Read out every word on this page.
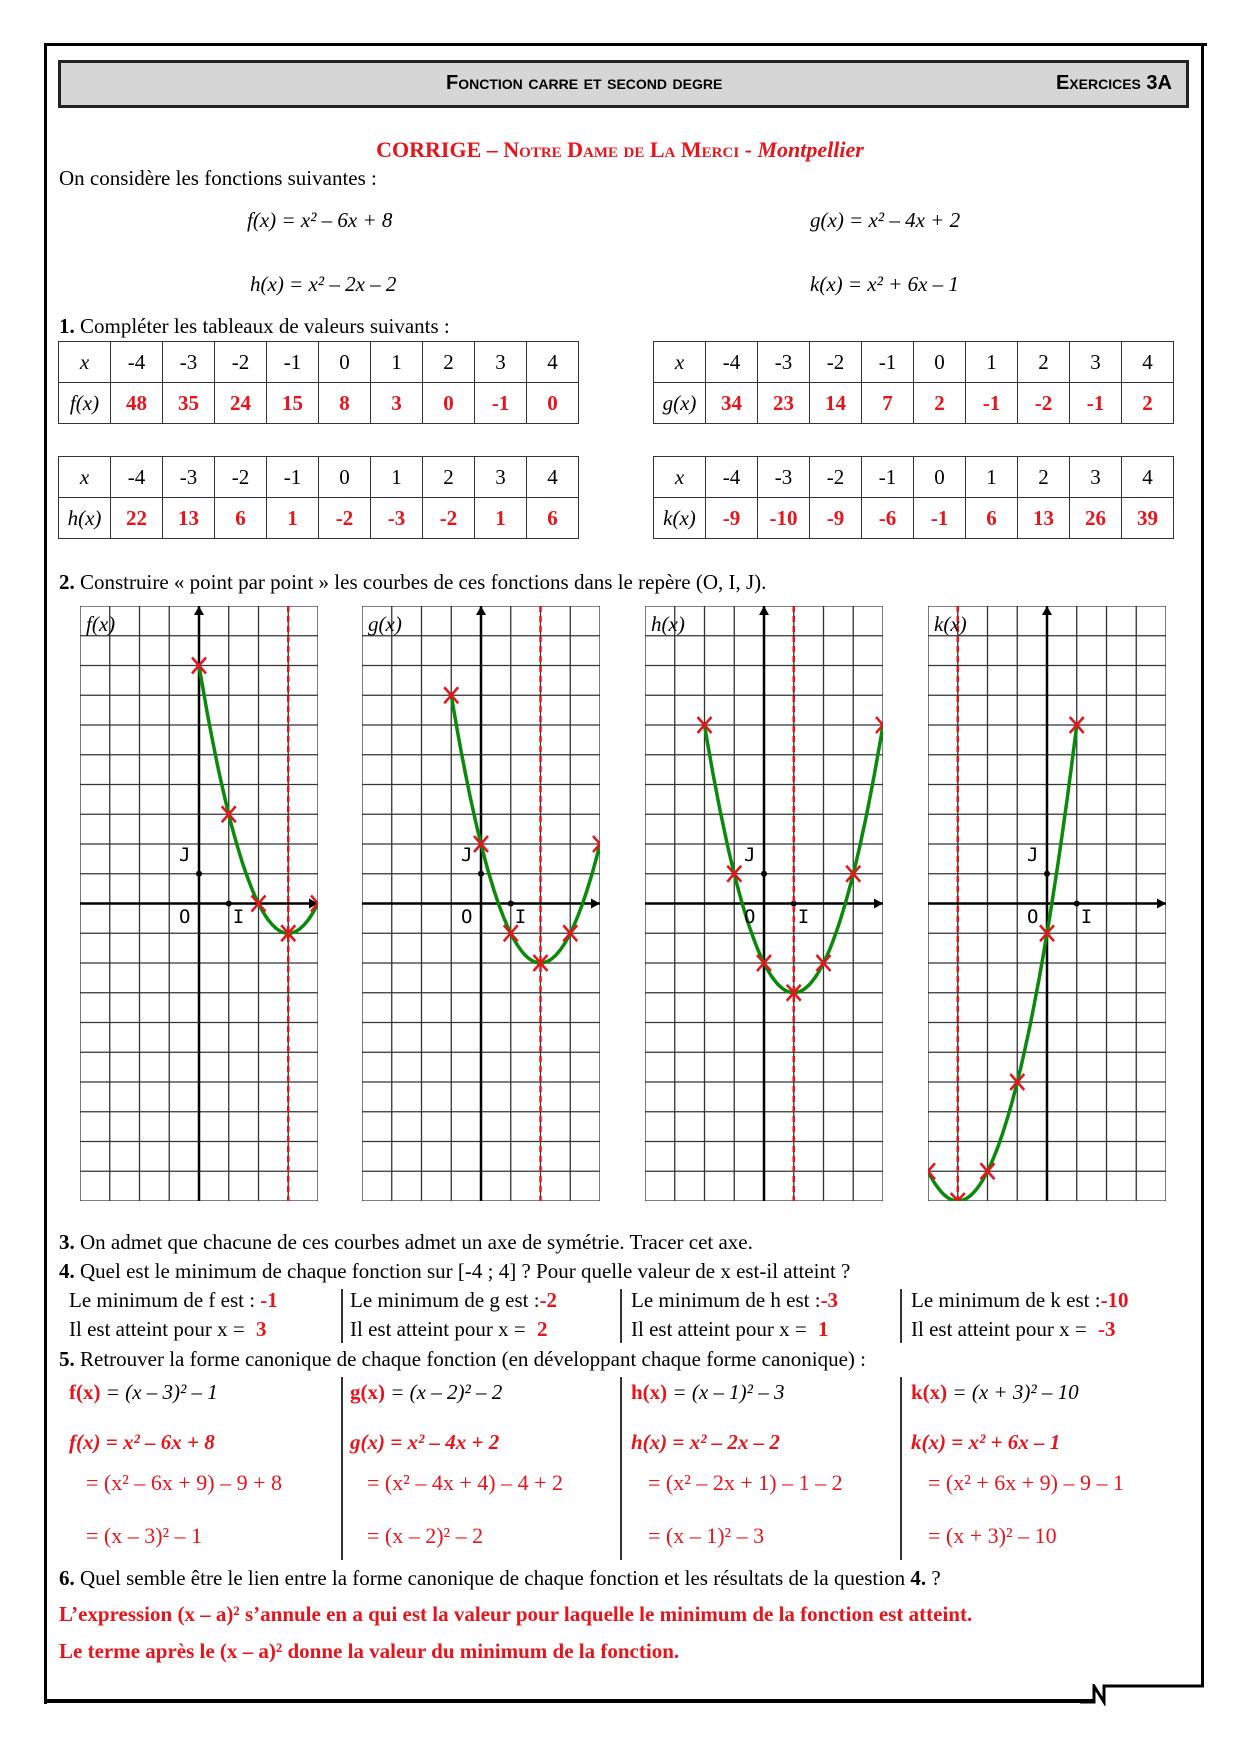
Fonction carre et second degre	Exercices 3A
CORRIGE – Notre Dame de La Merci - Montpellier
On considère les fonctions suivantes :
f(x) = x² – 6x + 8	g(x) = x² – 4x + 2
h(x) = x² – 2x – 2	k(x) = x² + 6x – 1
1. Compléter les tableaux de valeurs suivants :
x	-4	-3	-2	-1	0	1	2	3	4
f(x)	48	35	24	15	8	3	0	-1	0
x	-4	-3	-2	-1	0	1	2	3	4
g(x)	34	23	14	7	2	-1	-2	-1	2
x	-4	-3	-2	-1	0	1	2	3	4
h(x)	22	13	6	1	-2	-3	-2	1	6
x	-4	-3	-2	-1	0	1	2	3	4
k(x)	-9	-10	-9	-6	-1	6	13	26	39
2. Construire « point par point » les courbes de ces fonctions dans le repère (O, I, J).
f(x)
O I
J
g(x)
O I
J
h(x)
O I
J
k(x)
O I
J
3. On admet que chacune de ces courbes admet un axe de symétrie. Tracer cet axe.
4. Quel est le minimum de chaque fonction sur [-4 ; 4] ? Pour quelle valeur de x est-il atteint ?
Le minimum de f est : -1
Il est atteint pour x = 3
Le minimum de g est :-2
Il est atteint pour x = 2
Le minimum de h est :-3
Il est atteint pour x = 1
Le minimum de k est :-10
Il est atteint pour x = -3
5. Retrouver la forme canonique de chaque fonction (en développant chaque forme canonique) :
f(x) = (x – 3)² – 1
f(x) = x² – 6x + 8
= (x² – 6x + 9) – 9 + 8
= (x – 3)² – 1
g(x) = (x – 2)² – 2
g(x) = x² – 4x + 2
= (x² – 4x + 4) – 4 + 2
= (x – 2)² – 2
h(x) = (x – 1)² – 3
h(x) = x² – 2x – 2
= (x² – 2x + 1) – 1 – 2
= (x – 1)² – 3
k(x) = (x + 3)² – 10
k(x) = x² + 6x – 1
= (x² + 6x + 9) – 9 – 1
= (x + 3)² – 10
6. Quel semble être le lien entre la forme canonique de chaque fonction et les résultats de la question 4. ?
L’expression (x – a)² s’annule en a qui est la valeur pour laquelle le minimum de la fonction est atteint.
Le terme après le (x – a)² donne la valeur du minimum de la fonction.
